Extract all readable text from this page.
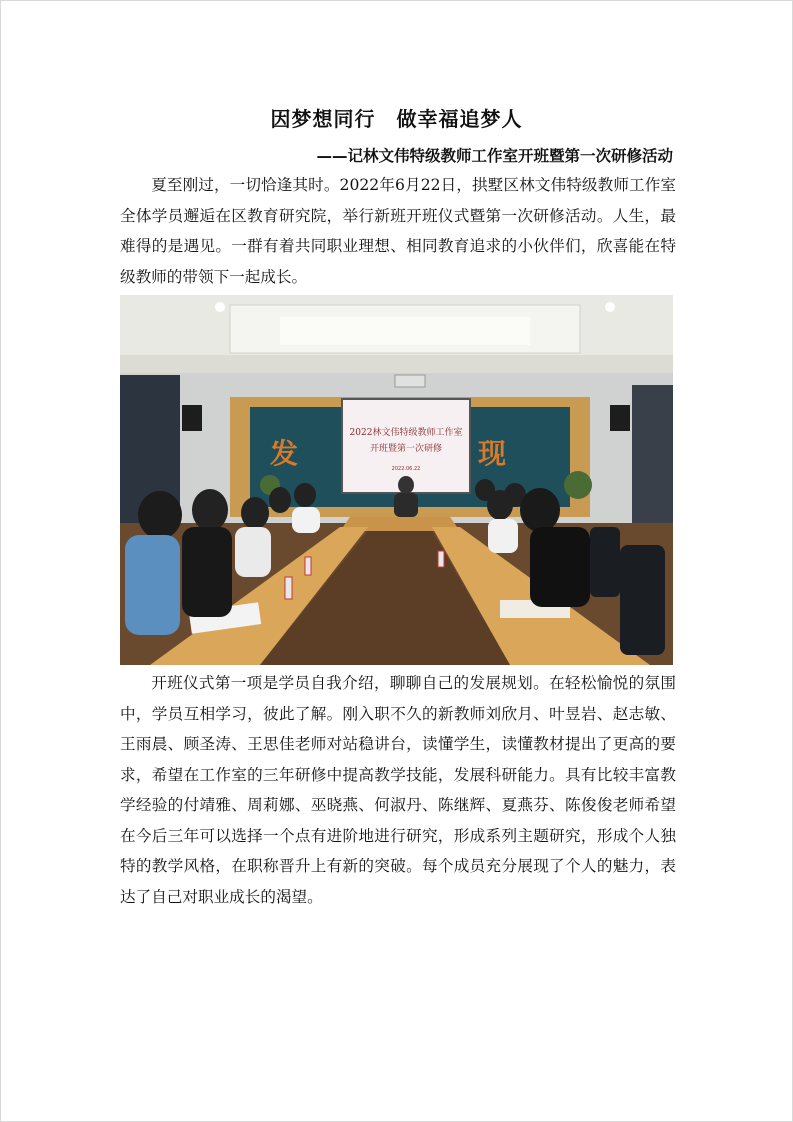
因梦想同行　做幸福追梦人
——记林文伟特级教师工作室开班暨第一次研修活动

夏至刚过，一切恰逢其时。2022年6月22日，拱墅区林文伟特级教师工作室全体学员邂逅在区教育研究院，举行新班开班仪式暨第一次研修活动。人生，最难得的是遇见。一群有着共同职业理想、相同教育追求的小伙伴们，欣喜能在特级教师的带领下一起成长。

发	现
2022林文伟特级教师工作室
开班暨第一次研修
2022.06.22

开班仪式第一项是学员自我介绍，聊聊自己的发展规划。在轻松愉悦的氛围中，学员互相学习，彼此了解。刚入职不久的新教师刘欣月、叶昱岩、赵志敏、王雨晨、顾圣涛、王思佳老师对站稳讲台，读懂学生，读懂教材提出了更高的要求，希望在工作室的三年研修中提高教学技能，发展科研能力。具有比较丰富教学经验的付靖雅、周莉娜、巫晓燕、何淑丹、陈继辉、夏燕芬、陈俊俊老师希望在今后三年可以选择一个点有进阶地进行研究，形成系列主题研究，形成个人独特的教学风格，在职称晋升上有新的突破。每个成员充分展现了个人的魅力，表达了自己对职业成长的渴望。
